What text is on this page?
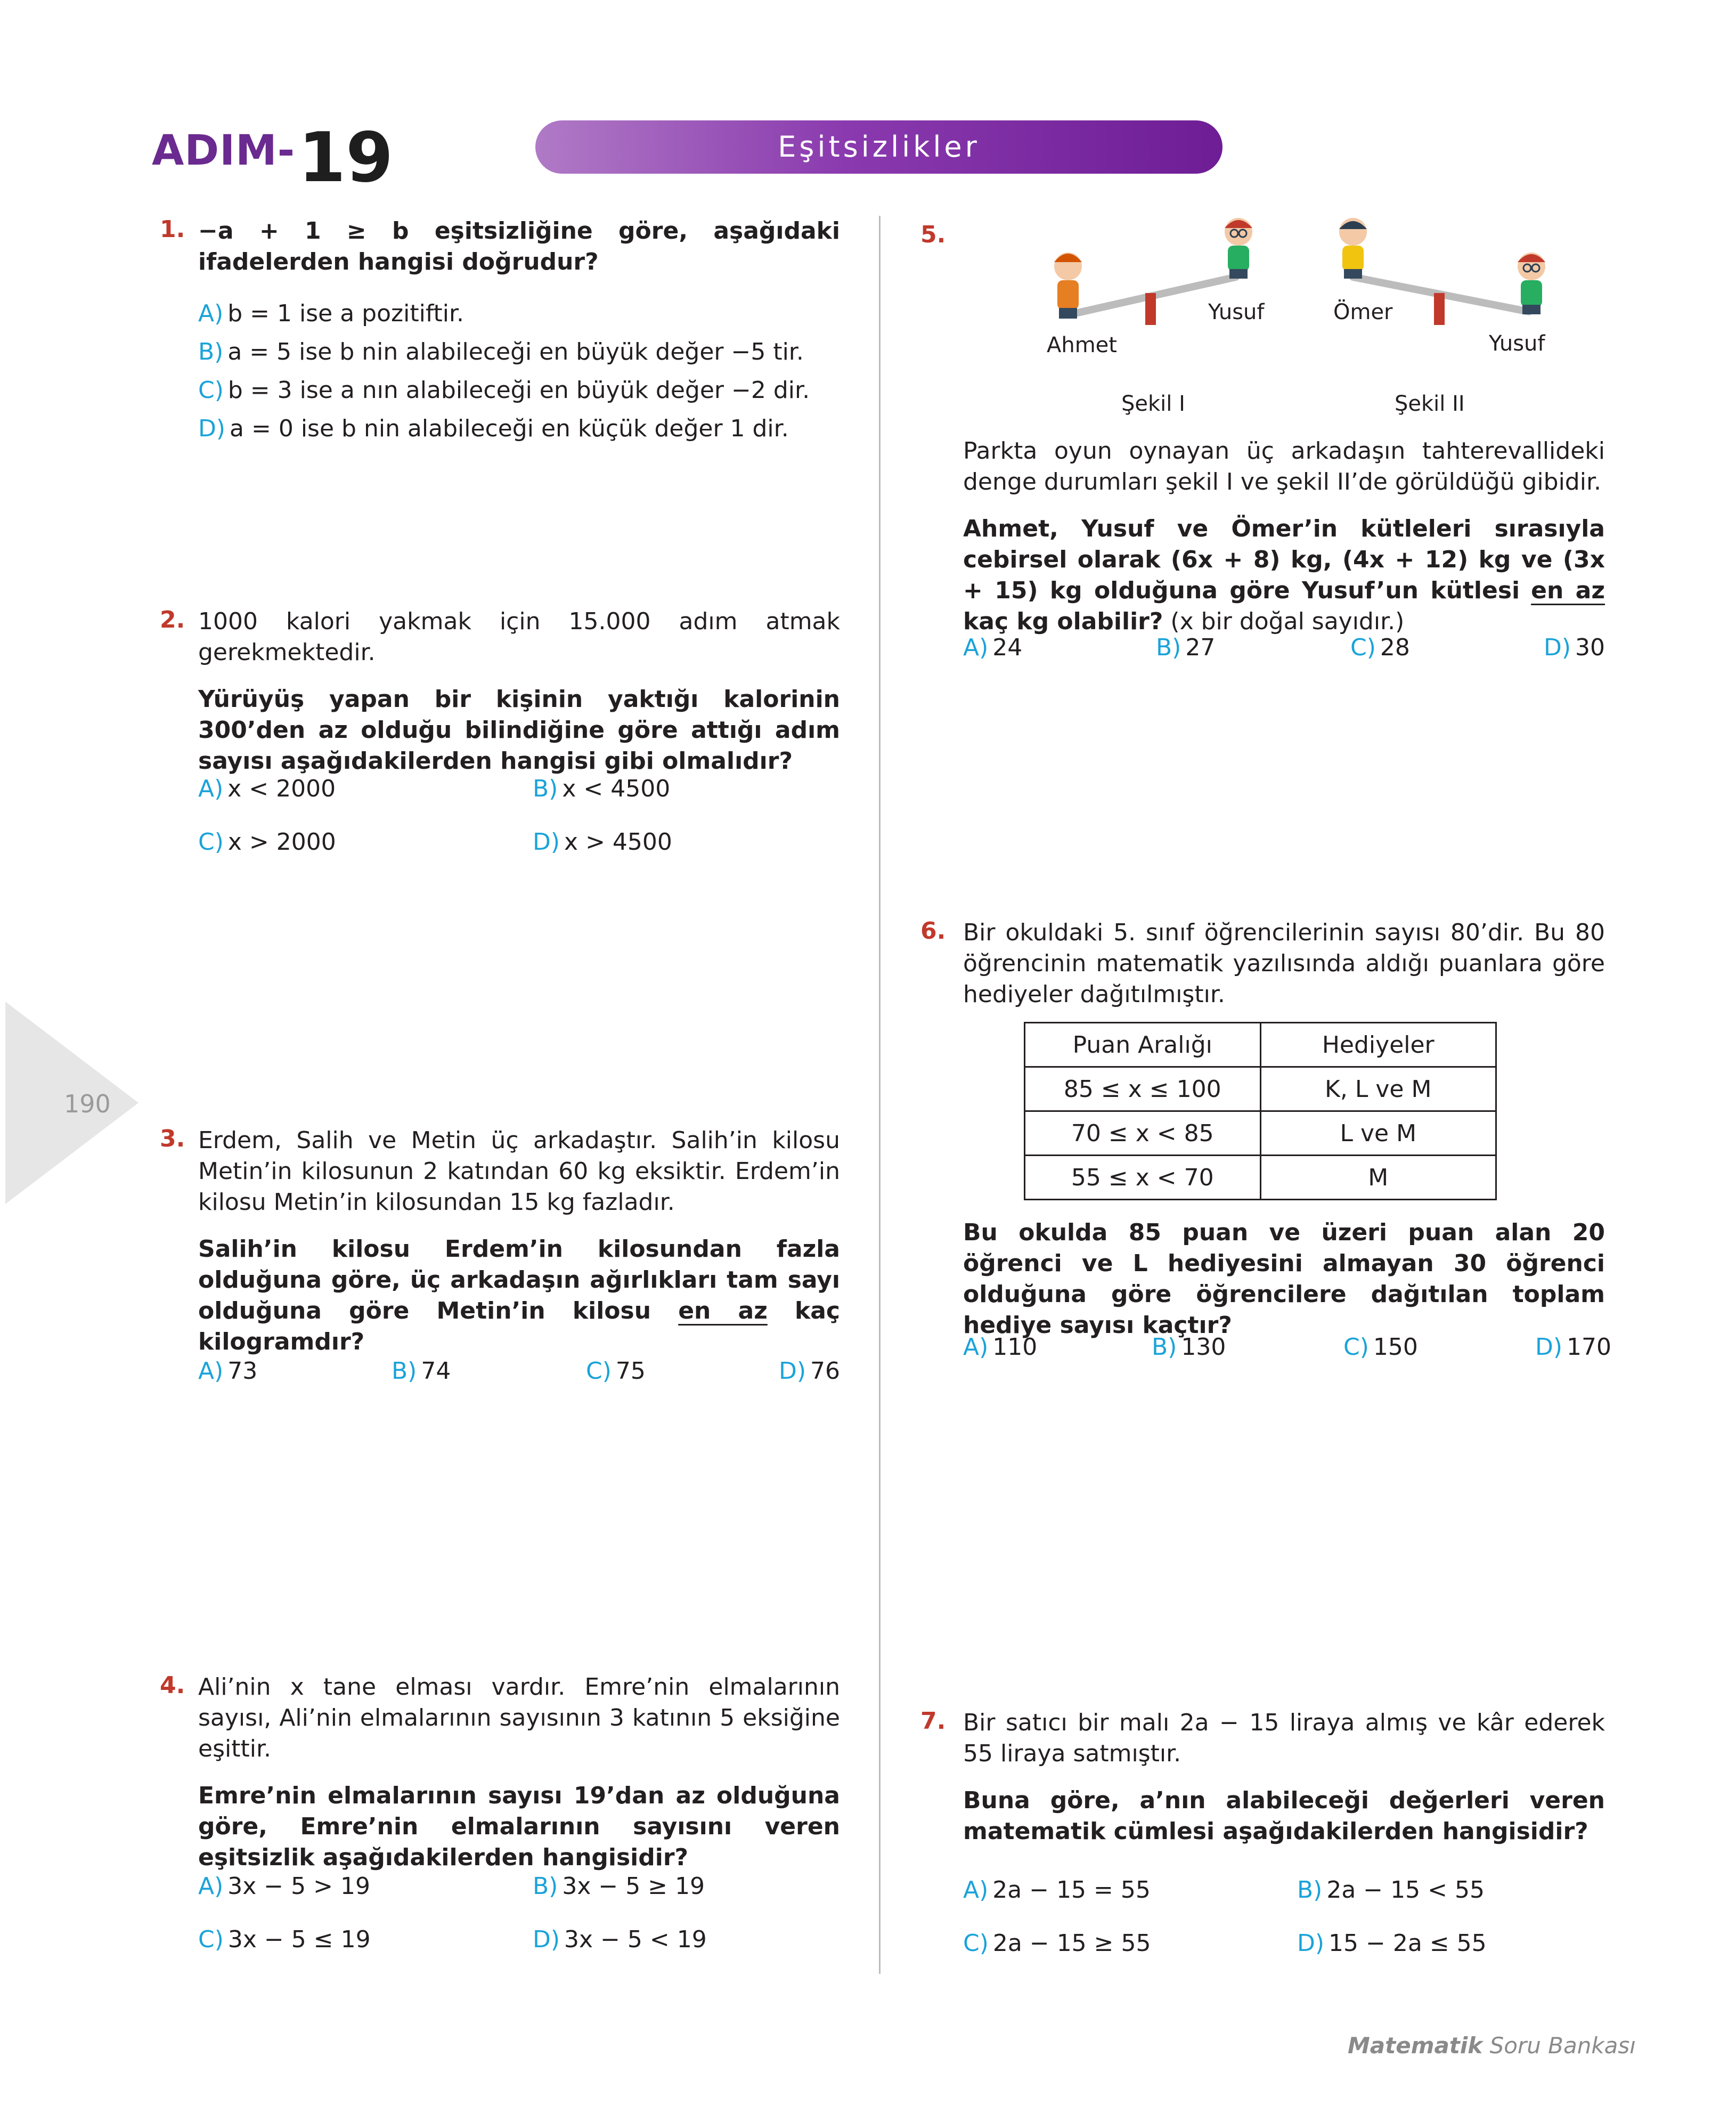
ADIM- 19	Eşitsizlikler
190
1. −a + 1 ≥ b eşitsizliğine göre, aşağıdaki ifadelerden hangisi doğrudur?
A) b = 1 ise a pozitiftir.
B) a = 5 ise b nin alabileceği en büyük değer −5 tir.
C) b = 3 ise a nın alabileceği en büyük değer −2 dir.
D) a = 0 ise b nin alabileceği en küçük değer 1 dir.
2. 1000 kalori yakmak için 15.000 adım atmak gerekmektedir.
Yürüyüş yapan bir kişinin yaktığı kalorinin 300’den az olduğu bilindiğine göre attığı adım sayısı aşağıdakilerden hangisi gibi olmalıdır?
A) x < 2000	B) x < 4500
C) x > 2000	D) x > 4500
3. Erdem, Salih ve Metin üç arkadaştır. Salih’in kilosu Metin’in kilosunun 2 katından 60 kg eksiktir. Erdem’in kilosu Metin’in kilosundan 15 kg fazladır.
Salih’in kilosu Erdem’in kilosundan fazla olduğuna göre, üç arkadaşın ağırlıkları tam sayı olduğuna göre Metin’in kilosu en az kaç kilogramdır?
A) 73	B) 74	C) 75	D) 76
4. Ali’nin x tane elması vardır. Emre’nin elmalarının sayısı, Ali’nin elmalarının sayısının 3 katının 5 eksiğine eşittir.
Emre’nin elmalarının sayısı 19’dan az olduğuna göre, Emre’nin elmalarının sayısını veren eşitsizlik aşağıdakilerden hangisidir?
A) 3x − 5 > 19	B) 3x − 5 ≥ 19
C) 3x − 5 ≤ 19	D) 3x − 5 < 19
5.
Ahmet
Yusuf	Ömer
Yusuf
Şekil I	Şekil II
Parkta oyun oynayan üç arkadaşın tahterevallideki denge durumları şekil I ve şekil II’de görüldüğü gibidir.
Ahmet, Yusuf ve Ömer’in kütleleri sırasıyla cebirsel olarak (6x + 8) kg, (4x + 12) kg ve (3x + 15) kg olduğuna göre Yusuf’un kütlesi en az kaç kg olabilir? (x bir doğal sayıdır.)
A) 24	B) 27	C) 28	D) 30
6. Bir okuldaki 5. sınıf öğrencilerinin sayısı 80’dir. Bu 80 öğrencinin matematik yazılısında aldığı puanlara göre hediyeler dağıtılmıştır.
Puan Aralığı	Hediyeler
85 ≤ x ≤ 100	K, L ve M
70 ≤ x < 85	L ve M
55 ≤ x < 70	M
Bu okulda 85 puan ve üzeri puan alan 20 öğrenci ve L hediyesini almayan 30 öğrenci olduğuna göre öğrencilere dağıtılan toplam hediye sayısı kaçtır?
A) 110	B) 130	C) 150	D) 170
7. Bir satıcı bir malı 2a − 15 liraya almış ve kâr ederek 55 liraya satmıştır.
Buna göre, a’nın alabileceği değerleri veren matematik cümlesi aşağıdakilerden hangisidir?
A) 2a − 15 = 55	B) 2a − 15 < 55
C) 2a − 15 ≥ 55	D) 15 − 2a ≤ 55
Matematik Soru Bankası
